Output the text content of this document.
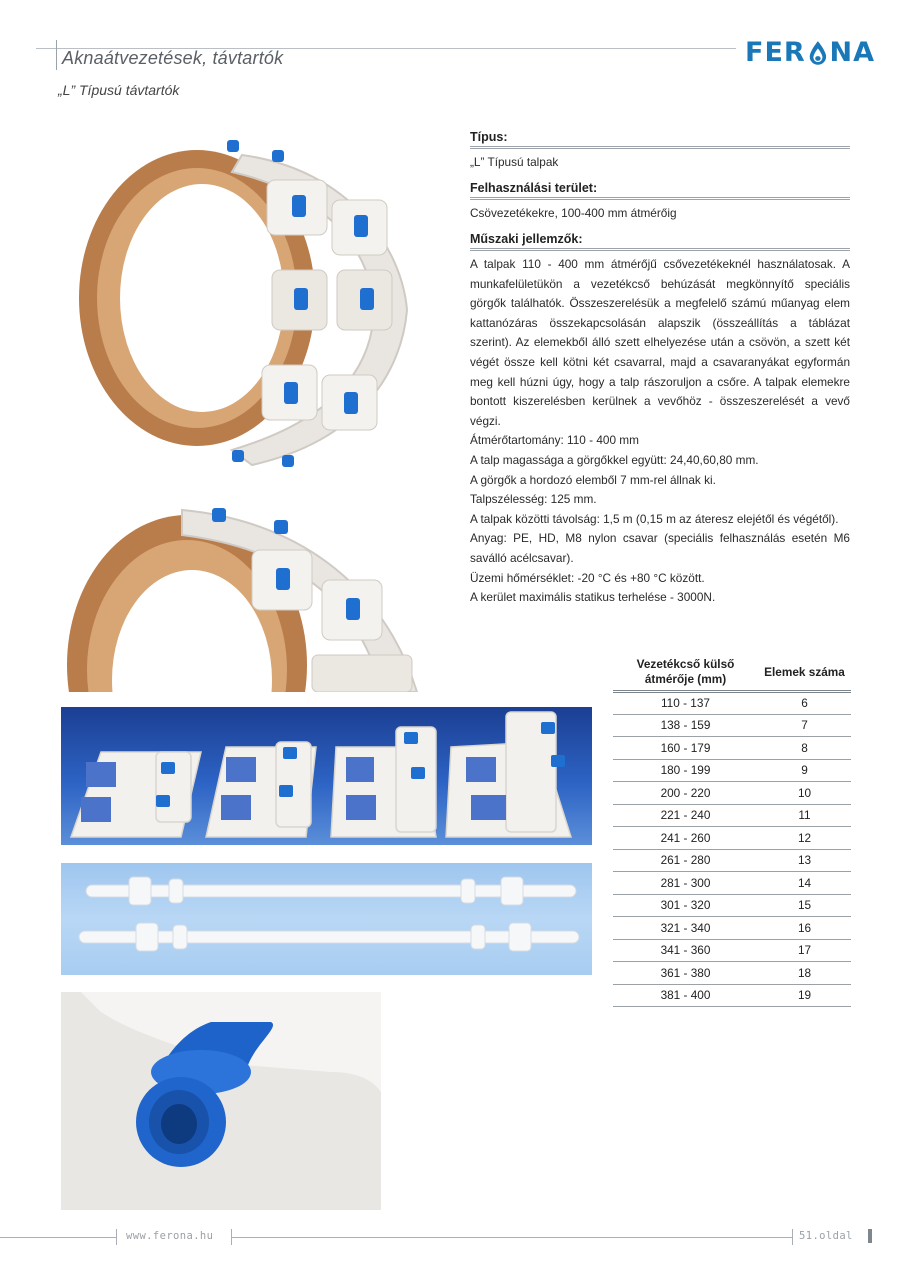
Aknaátvezetések, távtartók
„L” Típusú távtartók
FER NA
Típus:
„L” Típusú talpak
Felhasználási terület:
Csövezetékekre, 100-400 mm átmérőig
Műszaki jellemzők:

A talpak 110 - 400 mm átmérőjű csővezetékeknél használatosak. A munkafelületükön a vezetékcső behúzását megkönnyítő speciális görgők találhatók. Összeszerelésük a megfelelő számú műanyag elem kattanózáras összekapcsolásán alapszik (összeállítás a táblázat szerint). Az elemekből álló szett elhelyezése után a csövön, a szett két végét össze kell kötni két csavarral, majd a csavaranyákat egyformán meg kell húzni úgy, hogy a talp rászoruljon a csőre. A talpak elemekre bontott kiszerelésben kerülnek a vevőhöz - összeszerelését a vevő végzi.

Átmérőtartomány: 110 - 400 mm

A talp magassága a görgőkkel együtt: 24,40,60,80 mm.

A görgők a hordozó elemből 7 mm-rel állnak ki.

Talpszélesség: 125 mm.

A talpak közötti távolság: 1,5 m (0,15 m az áteresz elejétől és végétől).

Anyag: PE, HD, M8 nylon csavar (speciális felhasználás esetén M6 saválló acélcsavar).

Üzemi hőmérséklet: -20 °C és +80 °C között.

A kerület maximális statikus terhelése - 3000N.

Vezetékcső külső átmérője (mm)	Elemek száma
110 - 137	6
138 - 159	7
160 - 179	8
180 - 199	9
200 - 220	10
221 - 240	11
241 - 260	12
261 - 280	13
281 - 300	14
301 - 320	15
321 - 340	16
341 - 360	17
361 - 380	18
381 - 400	19
www.ferona.hu	51.oldal
